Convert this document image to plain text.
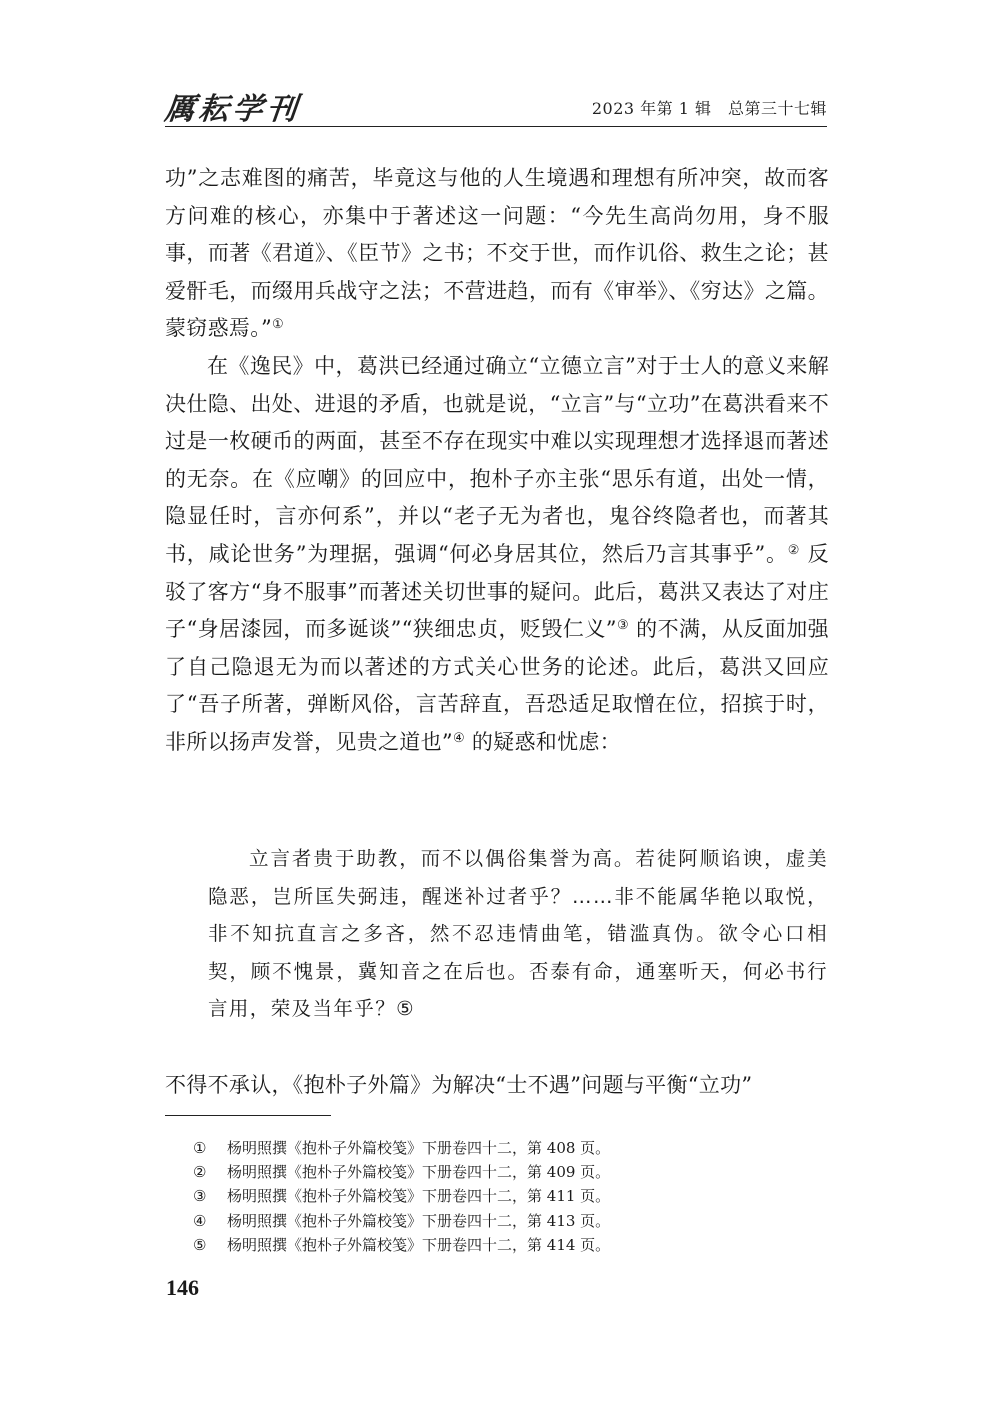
厲耘学刊	2023 年第 1 辑　总第三十七辑

功”之志难图的痛苦，毕竟这与他的人生境遇和理想有所冲突，故而客方问难的核心，亦集中于著述这一问题：“今先生高尚勿用，身不服事，而著《君道》、《臣节》之书；不交于世，而作讥俗、救生之论；甚爱骭毛，而缀用兵战守之法；不营进趋，而有《审举》、《穷达》之篇。蒙窃惑焉。”①

在《逸民》中，葛洪已经通过确立“立德立言”对于士人的意义来解决仕隐、出处、进退的矛盾，也就是说，“立言”与“立功”在葛洪看来不过是一枚硬币的两面，甚至不存在现实中难以实现理想才选择退而著述的无奈。在《应嘲》的回应中，抱朴子亦主张“思乐有道，出处一情，隐显任时，言亦何系”，并以“老子无为者也，鬼谷终隐者也，而著其书，咸论世务”为理据，强调“何必身居其位，然后乃言其事乎”。② 反驳了客方“身不服事”而著述关切世事的疑问。此后，葛洪又表达了对庄子“身居漆园，而多诞谈”“狭细忠贞，贬毁仁义”③ 的不满，从反面加强了自己隐退无为而以著述的方式关心世务的论述。此后，葛洪又回应了“吾子所著，弹断风俗，言苦辞直，吾恐适足取憎在位，招摈于时，非所以扬声发誉，见贵之道也”④ 的疑惑和忧虑：

立言者贵于助教，而不以偶俗集誉为高。若徒阿顺谄谀，虚美隐恶，岂所匡失弼违，醒迷补过者乎？……非不能属华艳以取悦，非不知抗直言之多吝，然不忍违情曲笔，错滥真伪。欲令心口相契，顾不愧景，冀知音之在后也。否泰有命，通塞听天，何必书行言用，荣及当年乎？⑤

不得不承认，《抱朴子外篇》为解决“士不遇”问题与平衡“立功”

① 杨明照撰《抱朴子外篇校笺》下册卷四十二，第 408 页。
② 杨明照撰《抱朴子外篇校笺》下册卷四十二，第 409 页。
③ 杨明照撰《抱朴子外篇校笺》下册卷四十二，第 411 页。
④ 杨明照撰《抱朴子外篇校笺》下册卷四十二，第 413 页。
⑤ 杨明照撰《抱朴子外篇校笺》下册卷四十二，第 414 页。
146
